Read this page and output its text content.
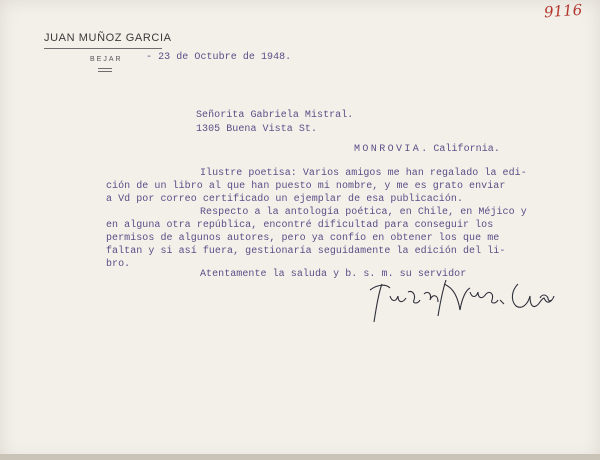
9116
JUAN MUÑOZ GARCIA
BEJAR - 23 de Octubre de 1948.
Señorita Gabriela Mistral.
1305 Buena Vista St.
MONROVIA. California.
Ilustre poetisa: Varios amigos me han regalado la edi-
ción de un libro al que han puesto mi nombre, y me es grato enviar
a Vd por correo certificado un ejemplar de esa publicación.
Respecto a la antología poética, en Chile, en Méjico y
en alguna otra república, encontré dificultad para conseguir los
permisos de algunos autores, pero ya confío en obtener los que me
faltan y si así fuera, gestionaría seguidamente la edición del li-
bro.
Atentamente la saluda y b. s. m. su servidor
